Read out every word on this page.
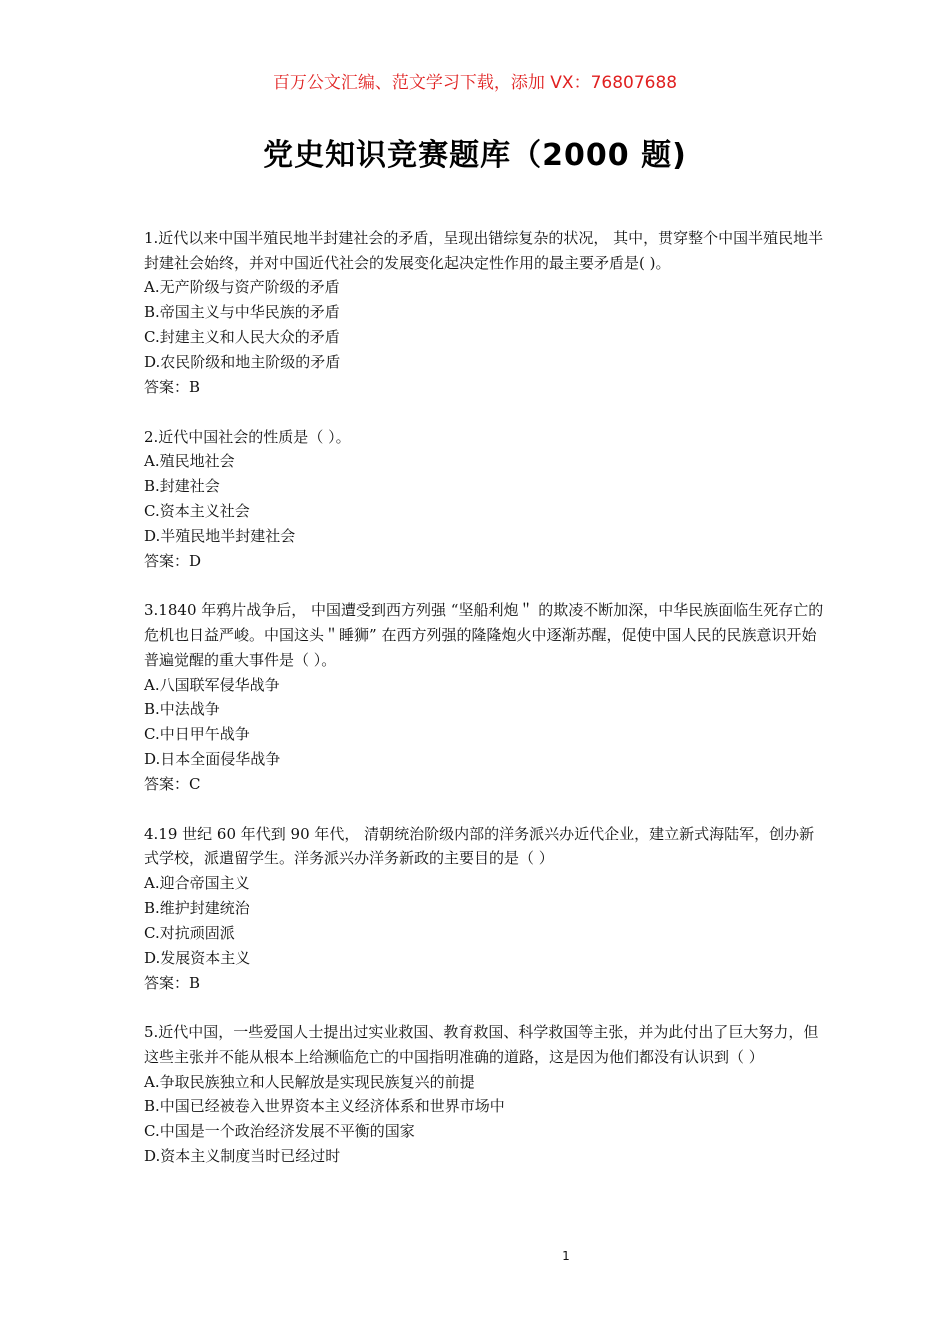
百万公文汇编、范文学习下载，添加 VX：76807688
党史知识竞赛题库（2000 题)
1.近代以来中国半殖民地半封建社会的矛盾，呈现出错综复杂的状况， 其中，贯穿整个中国半殖民地半封建社会始终，并对中国近代社会的发展变化起决定性作用的最主要矛盾是( )。
A.无产阶级与资产阶级的矛盾
B.帝国主义与中华民族的矛盾
C.封建主义和人民大众的矛盾
D.农民阶级和地主阶级的矛盾
答案：B
2.近代中国社会的性质是（ ）。
A.殖民地社会
B.封建社会
C.资本主义社会
D.半殖民地半封建社会
答案：D
3.1840 年鸦片战争后， 中国遭受到西方列强 “坚船利炮＂ 的欺凌不断加深，中华民族面临生死存亡的危机也日益严峻。中国这头＂睡狮” 在西方列强的隆隆炮火中逐渐苏醒，促使中国人民的民族意识开始普遍觉醒的重大事件是（ ）。
A.八国联军侵华战争
B.中法战争
C.中日甲午战争
D.日本全面侵华战争
答案：C
4.19 世纪 60 年代到 90 年代， 清朝统治阶级内部的洋务派兴办近代企业，建立新式海陆军，创办新式学校，派遣留学生。洋务派兴办洋务新政的主要目的是（ ）
A.迎合帝国主义
B.维护封建统治
C.对抗顽固派
D.发展资本主义
答案：B
5.近代中国，一些爱国人士提出过实业救国、教育救国、科学救国等主张，并为此付出了巨大努力，但这些主张并不能从根本上给濒临危亡的中国指明准确的道路，这是因为他们都没有认识到（ ）
A.争取民族独立和人民解放是实现民族复兴的前提
B.中国已经被卷入世界资本主义经济体系和世界市场中
C.中国是一个政治经济发展不平衡的国家
D.资本主义制度当时已经过时
1
